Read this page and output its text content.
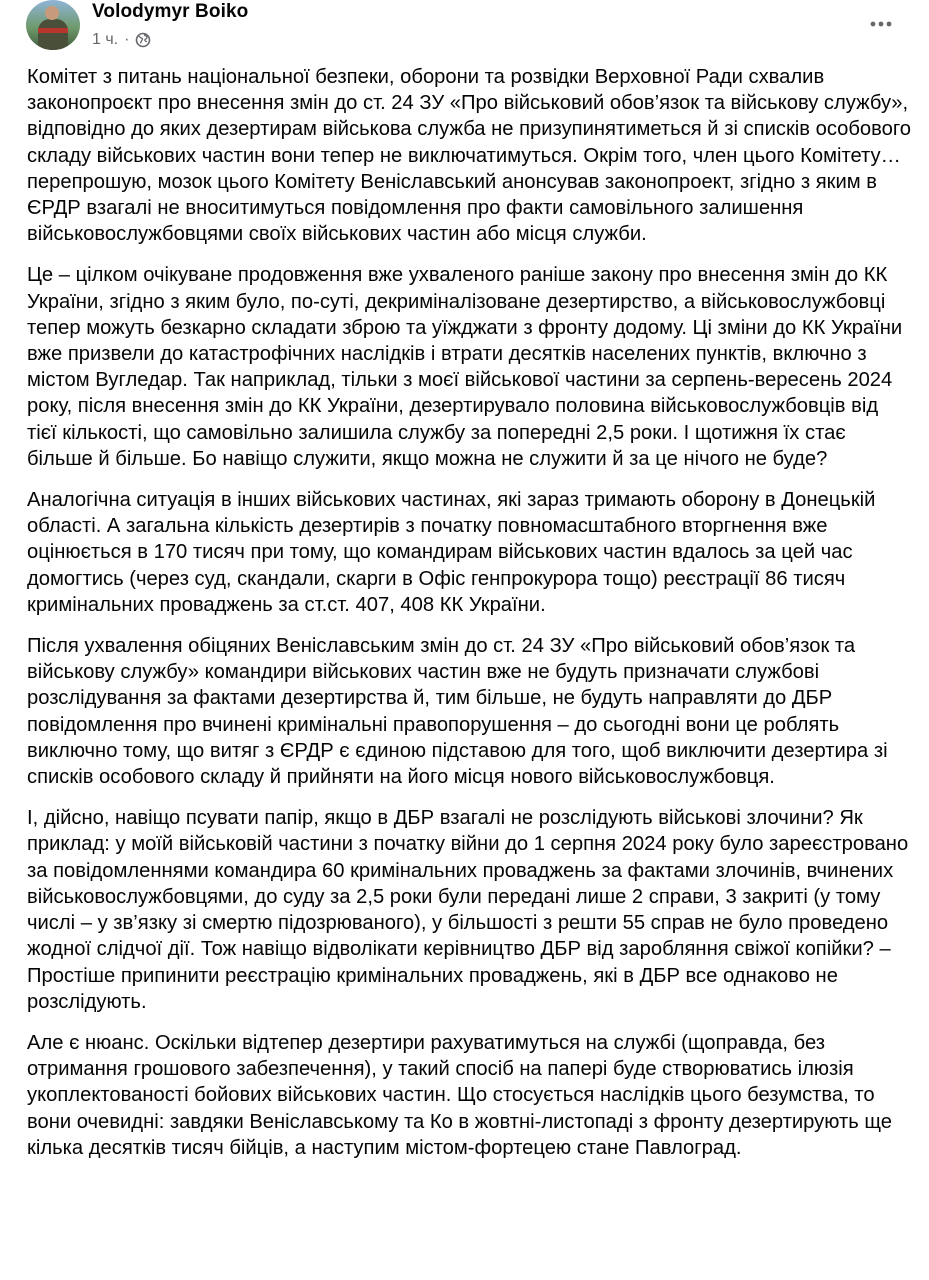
Volodymyr Boiko
1 ч. ·

Комітет з питань національної безпеки, оборони та розвідки Верховної Ради схвалив законопроєкт про внесення змін до ст. 24 ЗУ «Про військовий обов’язок та військову службу», відповідно до яких дезертирам військова служба не призупинятиметься й зі списків особового складу військових частин вони тепер не виключатимуться. Окрім того, член цього Комітету… перепрошую, мозок цього Комітету Веніславський анонсував законопроект, згідно з яким в ЄРДР взагалі не вноситимуться повідомлення про факти самовільного залишення військовослужбовцями своїх військових частин або місця служби.

Це – цілком очікуване продовження вже ухваленого раніше закону про внесення змін до КК України, згідно з яким було, по-суті, декриміналізоване дезертирство, а військовослужбовці тепер можуть безкарно складати зброю та уїжджати з фронту додому. Ці зміни до КК України вже призвели до катастрофічних наслідків і втрати десятків населених пунктів, включно з містом Вугледар. Так наприклад, тільки з моєї військової частини за серпень-вересень 2024 року, після внесення змін до КК України, дезертирувало половина військовослужбовців від тієї кількості, що самовільно залишила службу за попередні 2,5 роки. І щотижня їх стає більше й більше. Бо навіщо служити, якщо можна не служити й за це нічого не буде?

Аналогічна ситуація в інших військових частинах, які зараз тримають оборону в Донецькій області. А загальна кількість дезертирів з початку повномасштабного вторгнення вже оцінюється в 170 тисяч при тому, що командирам військових частин вдалось за цей час домогтись (через суд, скандали, скарги в Офіс генпрокурора тощо) реєстрації 86 тисяч кримінальних проваджень за ст.ст. 407, 408 КК України.

Після ухвалення обіцяних Веніславським змін до ст. 24 ЗУ «Про військовий обов’язок та військову службу» командири військових частин вже не будуть призначати службові розслідування за фактами дезертирства й, тим більше, не будуть направляти до ДБР повідомлення про вчинені кримінальні правопорушення – до сьогодні вони це роблять виключно тому, що витяг з ЄРДР є єдиною підставою для того, щоб виключити дезертира зі списків особового складу й прийняти на його місця нового військовослужбовця.

І, дійсно, навіщо псувати папір, якщо в ДБР взагалі не розслідують військові злочини? Як приклад: у моїй військовій частини з початку війни до 1 серпня 2024 року було зареєстровано за повідомленнями командира 60 кримінальних проваджень за фактами злочинів, вчинених військовослужбовцями, до суду за 2,5 роки були передані лише 2 справи, 3 закриті (у тому числі – у зв’язку зі смертю підозрюваного), у більшості з решти 55 справ не було проведено жодної слідчої дії. Тож навіщо відволікати керівництво ДБР від заробляння свіжої копійки? – Простіше припинити реєстрацію кримінальних проваджень, які в ДБР все однаково не розслідують.

Але є нюанс. Оскільки відтепер дезертири рахуватимуться на службі (щоправда, без отримання грошового забезпечення), у такий спосіб на папері буде створюватись ілюзія укоплектованості бойових військових частин. Що стосується наслідків цього безумства, то вони очевидні: завдяки Веніславському та Ко в жовтні-листопаді з фронту дезертирують ще кілька десятків тисяч бійців, а наступим містом-фортецею стане Павлоград.
